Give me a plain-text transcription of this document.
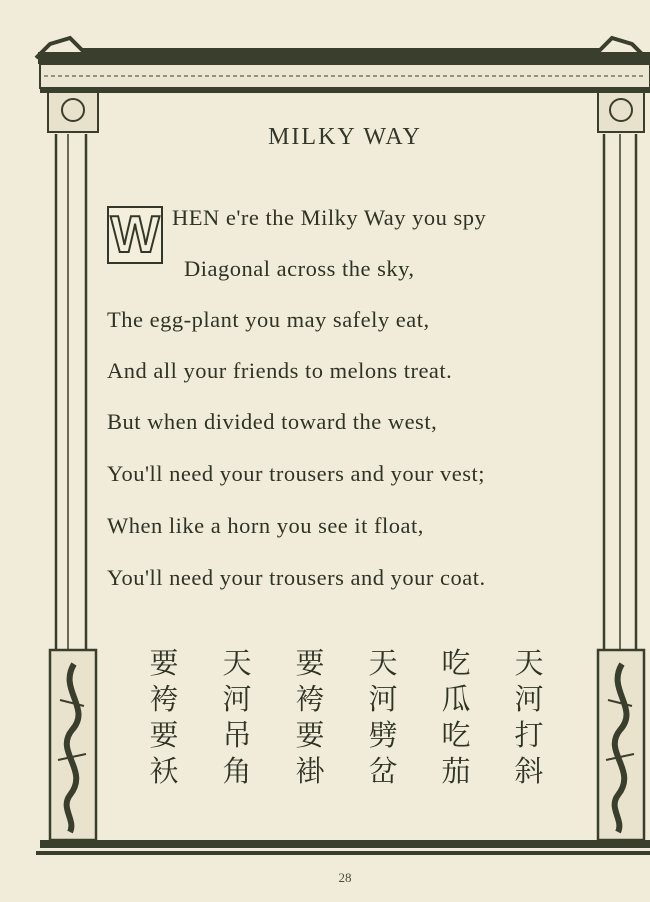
MILKY WAY
W HEN e're the Milky Way you spy
Diagonal across the sky,
The egg-plant you may safely eat,
And all your friends to melons treat.
But when divided toward the west,
You'll need your trousers and your vest;
When like a horn you see it float,
You'll need your trousers and your coat.
要
袴
要
袄
天
河
吊
角
要
袴
要
褂
天
河
劈
岔
吃
瓜
吃
茄
天
河
打
斜
28
